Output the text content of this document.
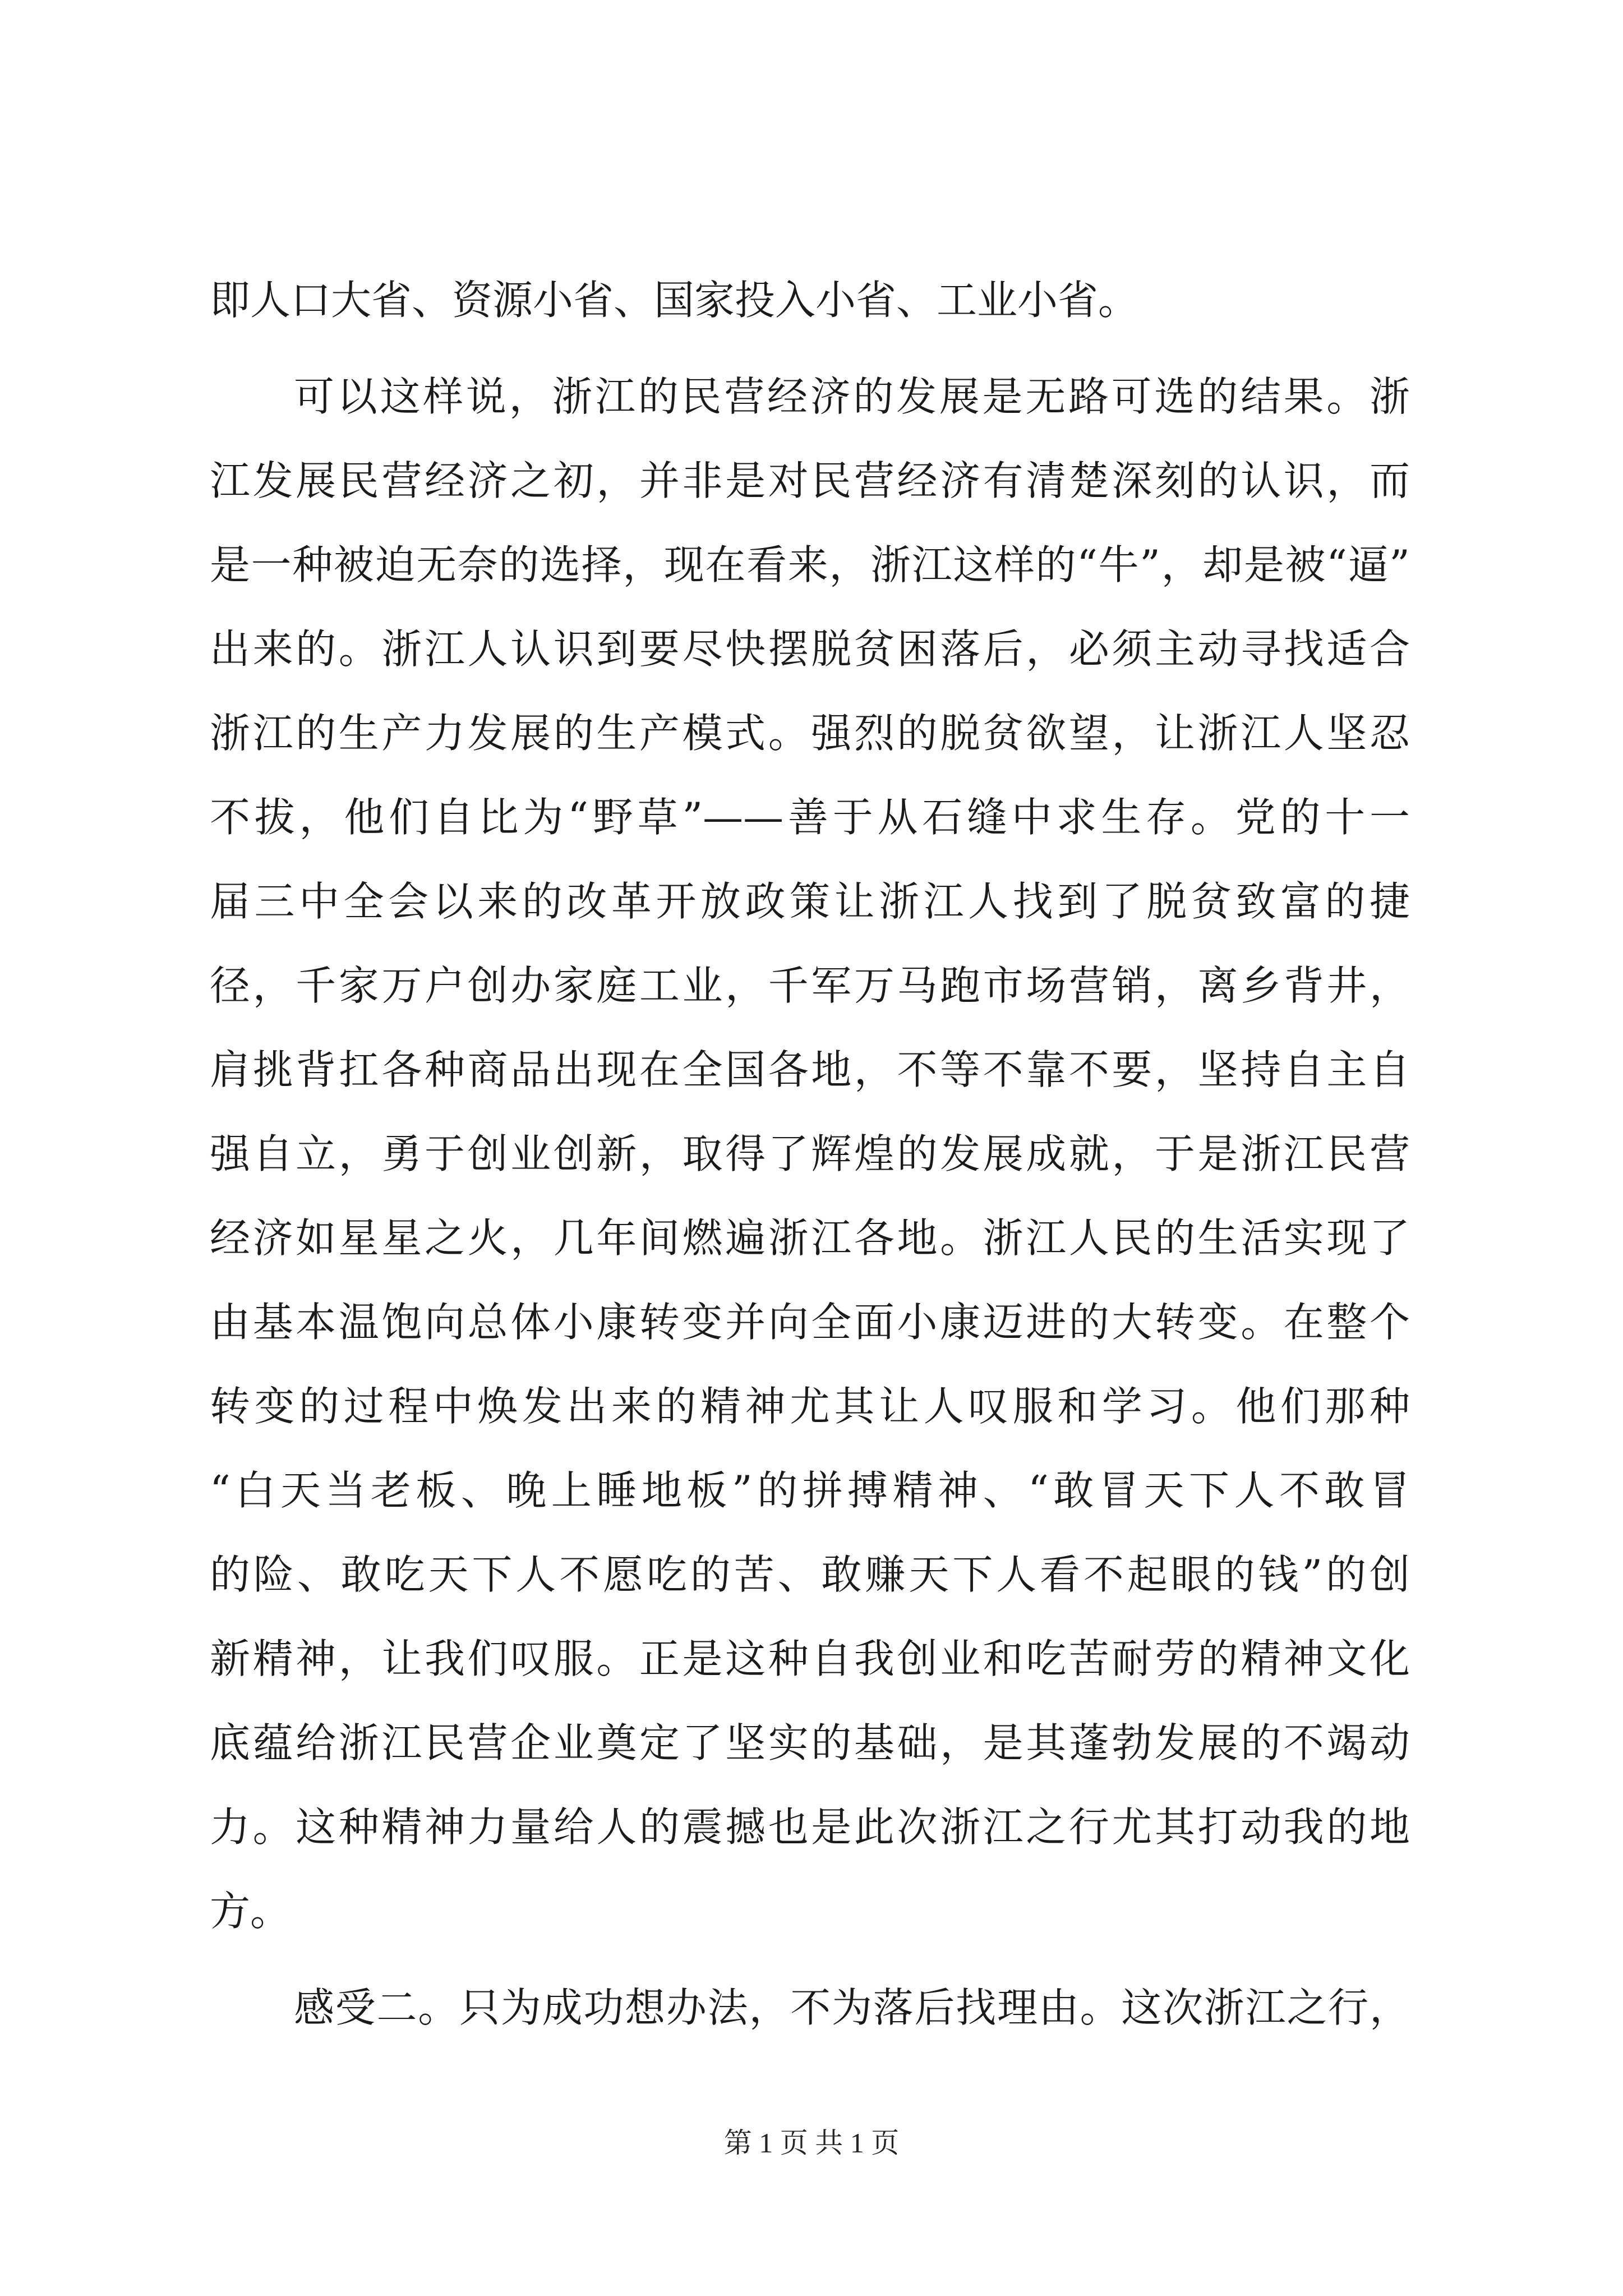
即人口大省、资源小省、国家投入小省、工业小省。
可以这样说，浙江的民营经济的发展是无路可选的结果。浙
江发展民营经济之初，并非是对民营经济有清楚深刻的认识，而
是一种被迫无奈的选择，现在看来，浙江这样的“牛”，却是被“逼”
出来的。浙江人认识到要尽快摆脱贫困落后，必须主动寻找适合
浙江的生产力发展的生产模式。强烈的脱贫欲望，让浙江人坚忍
不拔，他们自比为“野草”——善于从石缝中求生存。党的十一
届三中全会以来的改革开放政策让浙江人找到了脱贫致富的捷
径，千家万户创办家庭工业，千军万马跑市场营销，离乡背井，
肩挑背扛各种商品出现在全国各地，不等不靠不要，坚持自主自
强自立，勇于创业创新，取得了辉煌的发展成就，于是浙江民营
经济如星星之火，几年间燃遍浙江各地。浙江人民的生活实现了
由基本温饱向总体小康转变并向全面小康迈进的大转变。在整个
转变的过程中焕发出来的精神尤其让人叹服和学习。他们那种
“白天当老板、晚上睡地板”的拼搏精神、“敢冒天下人不敢冒
的险、敢吃天下人不愿吃的苦、敢赚天下人看不起眼的钱”的创
新精神，让我们叹服。正是这种自我创业和吃苦耐劳的精神文化
底蕴给浙江民营企业奠定了坚实的基础，是其蓬勃发展的不竭动
力。这种精神力量给人的震撼也是此次浙江之行尤其打动我的地
方。
感受二。只为成功想办法，不为落后找理由。这次浙江之行，
第 1 页 共 1 页
